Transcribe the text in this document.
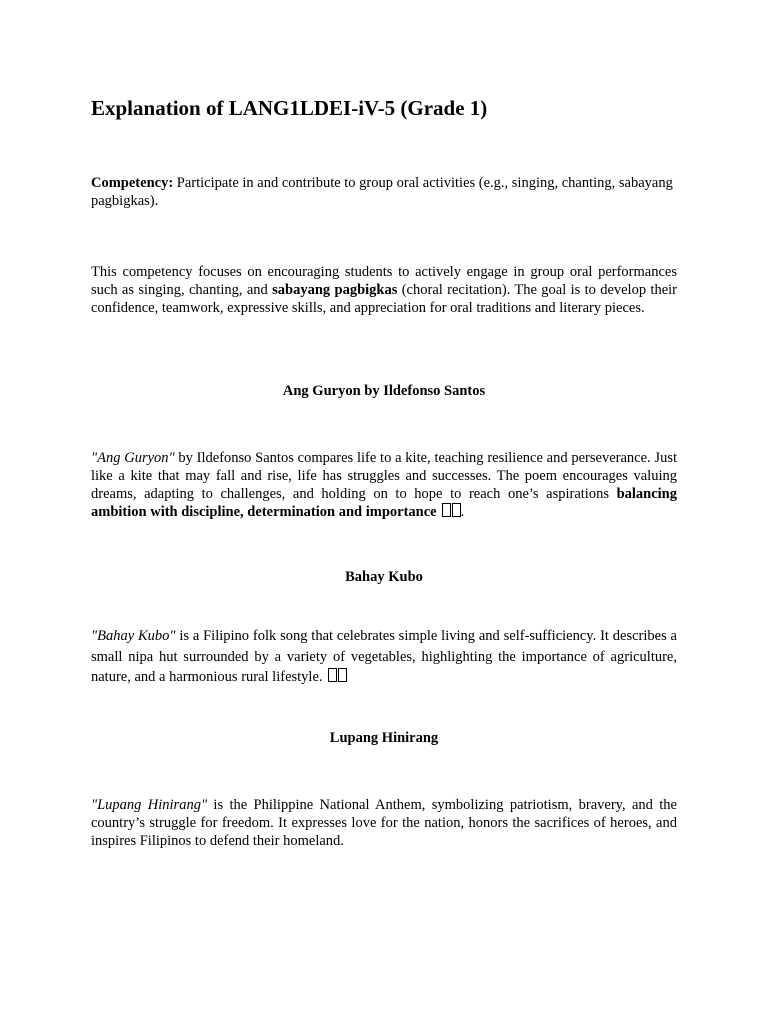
Explanation of LANG1LDEI-iV-5 (Grade 1)

Competency: Participate in and contribute to group oral activities (e.g., singing, chanting, sabayang pagbigkas).

This competency focuses on encouraging students to actively engage in group oral performances such as singing, chanting, and sabayang pagbigkas (choral recitation). The goal is to develop their confidence, teamwork, expressive skills, and appreciation for oral traditions and literary pieces.

Ang Guryon by Ildefonso Santos

"Ang Guryon" by Ildefonso Santos compares life to a kite, teaching resilience and perseverance. Just like a kite that may fall and rise, life has struggles and successes. The poem encourages valuing dreams, adapting to challenges, and holding on to hope to reach one’s aspirations balancing ambition with discipline, determination and importance .

Bahay Kubo

"Bahay Kubo" is a Filipino folk song that celebrates simple living and self-sufficiency. It describes a small nipa hut surrounded by a variety of vegetables, highlighting the importance of agriculture, nature, and a harmonious rural lifestyle.

Lupang Hinirang

"Lupang Hinirang" is the Philippine National Anthem, symbolizing patriotism, bravery, and the country’s struggle for freedom. It expresses love for the nation, honors the sacrifices of heroes, and inspires Filipinos to defend their homeland.
